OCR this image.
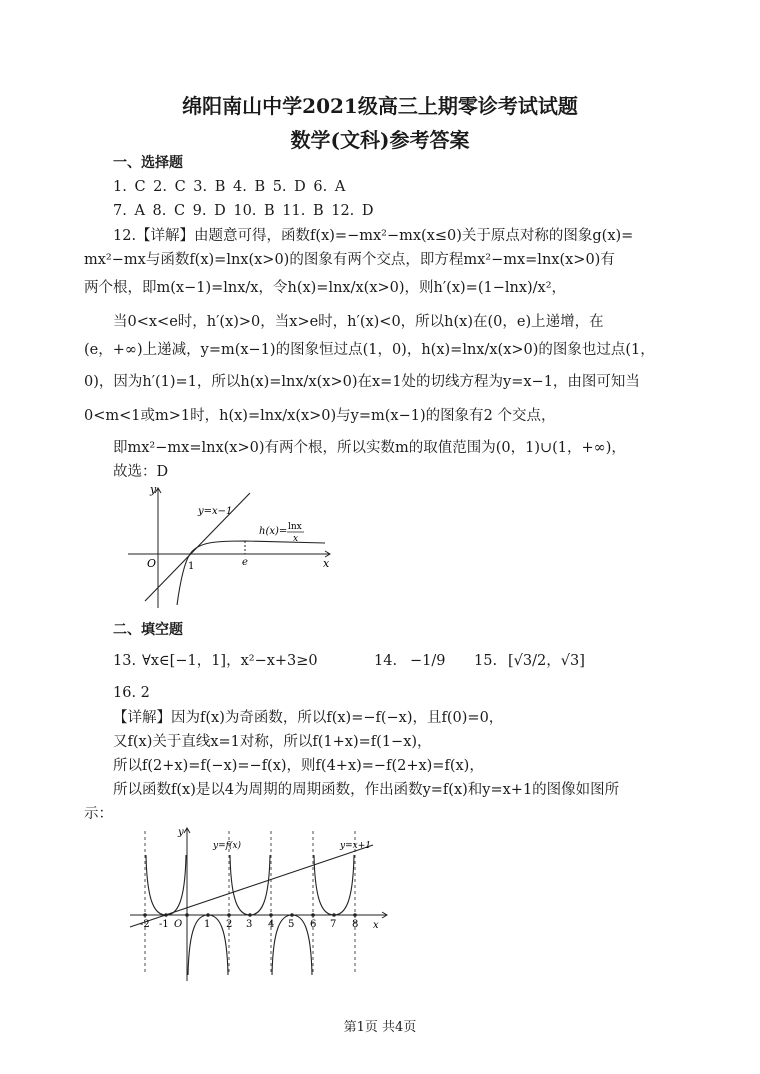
绵阳南山中学2021级高三上期零诊考试试题
数学(文科)参考答案
一、选择题
1. C 2. C 3. B 4. B 5. D 6. A
7. A 8. C 9. D 10. B 11. B 12. D
12.【详解】由题意可得，函数f(x)=−mx²−mx(x≤0)关于原点对称的图象g(x)=
mx²−mx与函数f(x)=lnx(x>0)的图象有两个交点，即方程mx²−mx=lnx(x>0)有
两个根，即m(x−1)=lnx/x，令h(x)=lnx/x(x>0)，则h′(x)=(1−lnx)/x²，
当0<x<e时，h′(x)>0，当x>e时，h′(x)<0，所以h(x)在(0，e)上递增，在
(e，+∞)上递减，y=m(x−1)的图象恒过点(1，0)，h(x)=lnx/x(x>0)的图象也过点(1，
0)，因为h′(1)=1，所以h(x)=lnx/x(x>0)在x=1处的切线方程为y=x−1，由图可知当
0<m<1或m>1时，h(x)=lnx/x(x>0)与y=m(x−1)的图象有2 个交点，
即mx²−mx=lnx(x>0)有两个根，所以实数m的取值范围为(0，1)∪(1，+∞)，
故选：D
y
x
O	1	e
y=x−1
h(x)= lnx
x
二、填空题
13. ∀x∈[−1，1]，x²−x+3≥0	14. −1/9 15. [√3/2，√3]
16. 2
【详解】因为f(x)为奇函数，所以f(x)=−f(−x)，且f(0)=0，
又f(x)关于直线x=1对称，所以f(1+x)=f(1−x)，
所以f(2+x)=f(−x)=−f(x)，则f(4+x)=−f(2+x)=f(x)，
所以函数f(x)是以4为周期的周期函数，作出函数y=f(x)和y=x+1的图像如图所
示：
y
x
O
y=f(x)	y=x+1
-2 -1	1 2 3 4 5 6 7 8
第1页 共4页
